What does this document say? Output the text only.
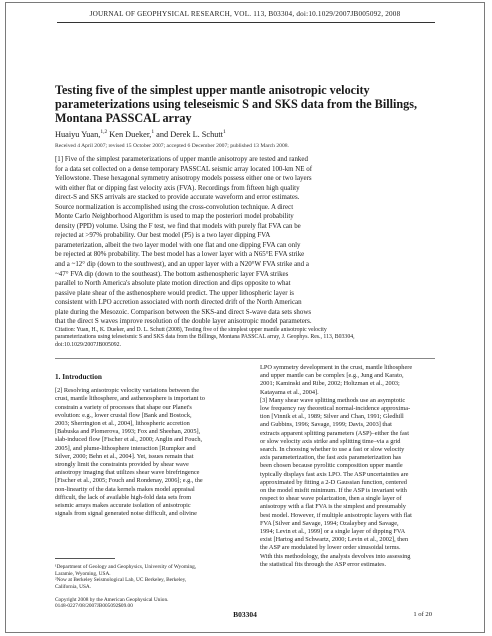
JOURNAL OF GEOPHYSICAL RESEARCH, VOL. 113, B03304, doi:10.1029/2007JB005092, 2008
Testing five of the simplest upper mantle anisotropic velocity
parameterizations using teleseismic S and SKS data from the Billings,
Montana PASSCAL array
Huaiyu Yuan,$^{1,2}$ Ken Dueker,$^1$ and Derek L. Schutt$^1$
Received 4 April 2007; revised 15 October 2007; accepted 6 December 2007; published 13 March 2008.
[1] Five of the simplest parameterizations of upper mantle anisotropy are tested and ranked
for a data set collected on a dense temporary PASSCAL seismic array located 100-km NE of
Yellowstone. These hexagonal symmetry anisotropy models possess either one or two layers
with either flat or dipping fast velocity axis (FVA). Recordings from fifteen high quality
direct-S and SKS arrivals are stacked to provide accurate waveform and error estimates.
Source normalization is accomplished using the cross-convolution technique. A direct
Monte Carlo Neighborhood Algorithm is used to map the posteriori model probability
density (PPD) volume. Using the F test, we find that models with purely flat FVA can be
rejected at >97% probability. Our best model (P5) is a two layer dipping FVA
parameterization, albeit the two layer model with one flat and one dipping FVA can only
be rejected at 80% probability. The best model has a lower layer with a N65°E FVA strike
and a ~12° dip (down to the southwest), and an upper layer with a N20°W FVA strike and a
~47° FVA dip (down to the southeast). The bottom asthenospheric layer FVA strikes
parallel to North America's absolute plate motion direction and dips opposite to what
passive plate shear of the asthenosphere would predict. The upper lithospheric layer is
consistent with LPO accretion associated with north directed drift of the North American
plate during the Mesozoic. Comparison between the SKS-and direct S-wave data sets shows
that the direct S waves improve resolution of the double layer anisotropic model parameters.
Citation: Yuan, H., K. Dueker, and D. L. Schutt (2008), Testing five of the simplest upper mantle anisotropic velocity
parameterizations using teleseismic S and SKS data from the Billings, Montana PASSCAL array, J. Geophys. Res., 113, B03304,
doi:10.1029/2007JB005092.
1. Introduction
[2] Resolving anisotropic velocity variations between the
crust, mantle lithosphere, and asthenosphere is important to
constrain a variety of processes that shape our Planet's
evolution: e.g., lower crustal flow [Bank and Bostock,
2003; Sherrington et al., 2004], lithospheric accretion
[Babuska and Plomerova, 1993; Fox and Sheehan, 2005],
slab-induced flow [Fischer et al., 2000; Anglin and Fouch,
2005], and plume-lithosphere interaction [Rumpker and
Silver, 2000; Behn et al., 2004]. Yet, issues remain that
strongly limit the constraints provided by shear wave
anisotropy imaging that utilizes shear wave birefringence
[Fischer et al., 2005; Fouch and Rondenay, 2006]; e.g., the
non-linearity of the data kernels makes model appraisal
difficult, the lack of available high-fold data sets from
seismic arrays makes accurate isolation of anisotropic
signals from signal generated noise difficult, and olivine
LPO symmetry development in the crust, mantle lithosphere
and upper mantle can be complex [e.g., Jung and Karato,
2001; Kaminski and Ribe, 2002; Holtzman et al., 2003;
Katayama et al., 2004].
[3] Many shear wave splitting methods use an asymptotic
low frequency ray theoretical normal-incidence approxima-
tion [Vinnik et al., 1989; Silver and Chan, 1991; Gledhill
and Gubbins, 1996; Savage, 1999; Davis, 2003] that
extracts apparent splitting parameters (ASP)–either the fast
or slow velocity axis strike and splitting time–via a grid
search. In choosing whether to use a fast or slow velocity
axis parameterization, the fast axis parameterization has
been chosen because pyrolitic composition upper mantle
typically displays fast axis LPO. The ASP uncertainties are
approximated by fitting a 2-D Gaussian function, centered
on the model misfit minimum. If the ASP is invariant with
respect to shear wave polarization, then a single layer of
anisotropy with a flat FVA is the simplest and presumably
best model. However, if multiple anisotropic layers with flat
FVA [Silver and Savage, 1994; Ozalaybey and Savage,
1994; Levin et al., 1999] or a single layer of dipping FVA
exist [Hartog and Schwartz, 2000; Levin et al., 2002], then
the ASP are modulated by lower order sinusoidal terms.
With this methodology, the analysis devolves into assessing
the statistical fits through the ASP error estimates.
¹Department of Geology and Geophysics, University of Wyoming,
Laramie, Wyoming, USA.
²Now at Berkeley Seismological Lab, UC Berkeley, Berkeley,
California, USA.

Copyright 2008 by the American Geophysical Union.
0148-0227/08/2007JB005092$09.00
B03304	1 of 20
